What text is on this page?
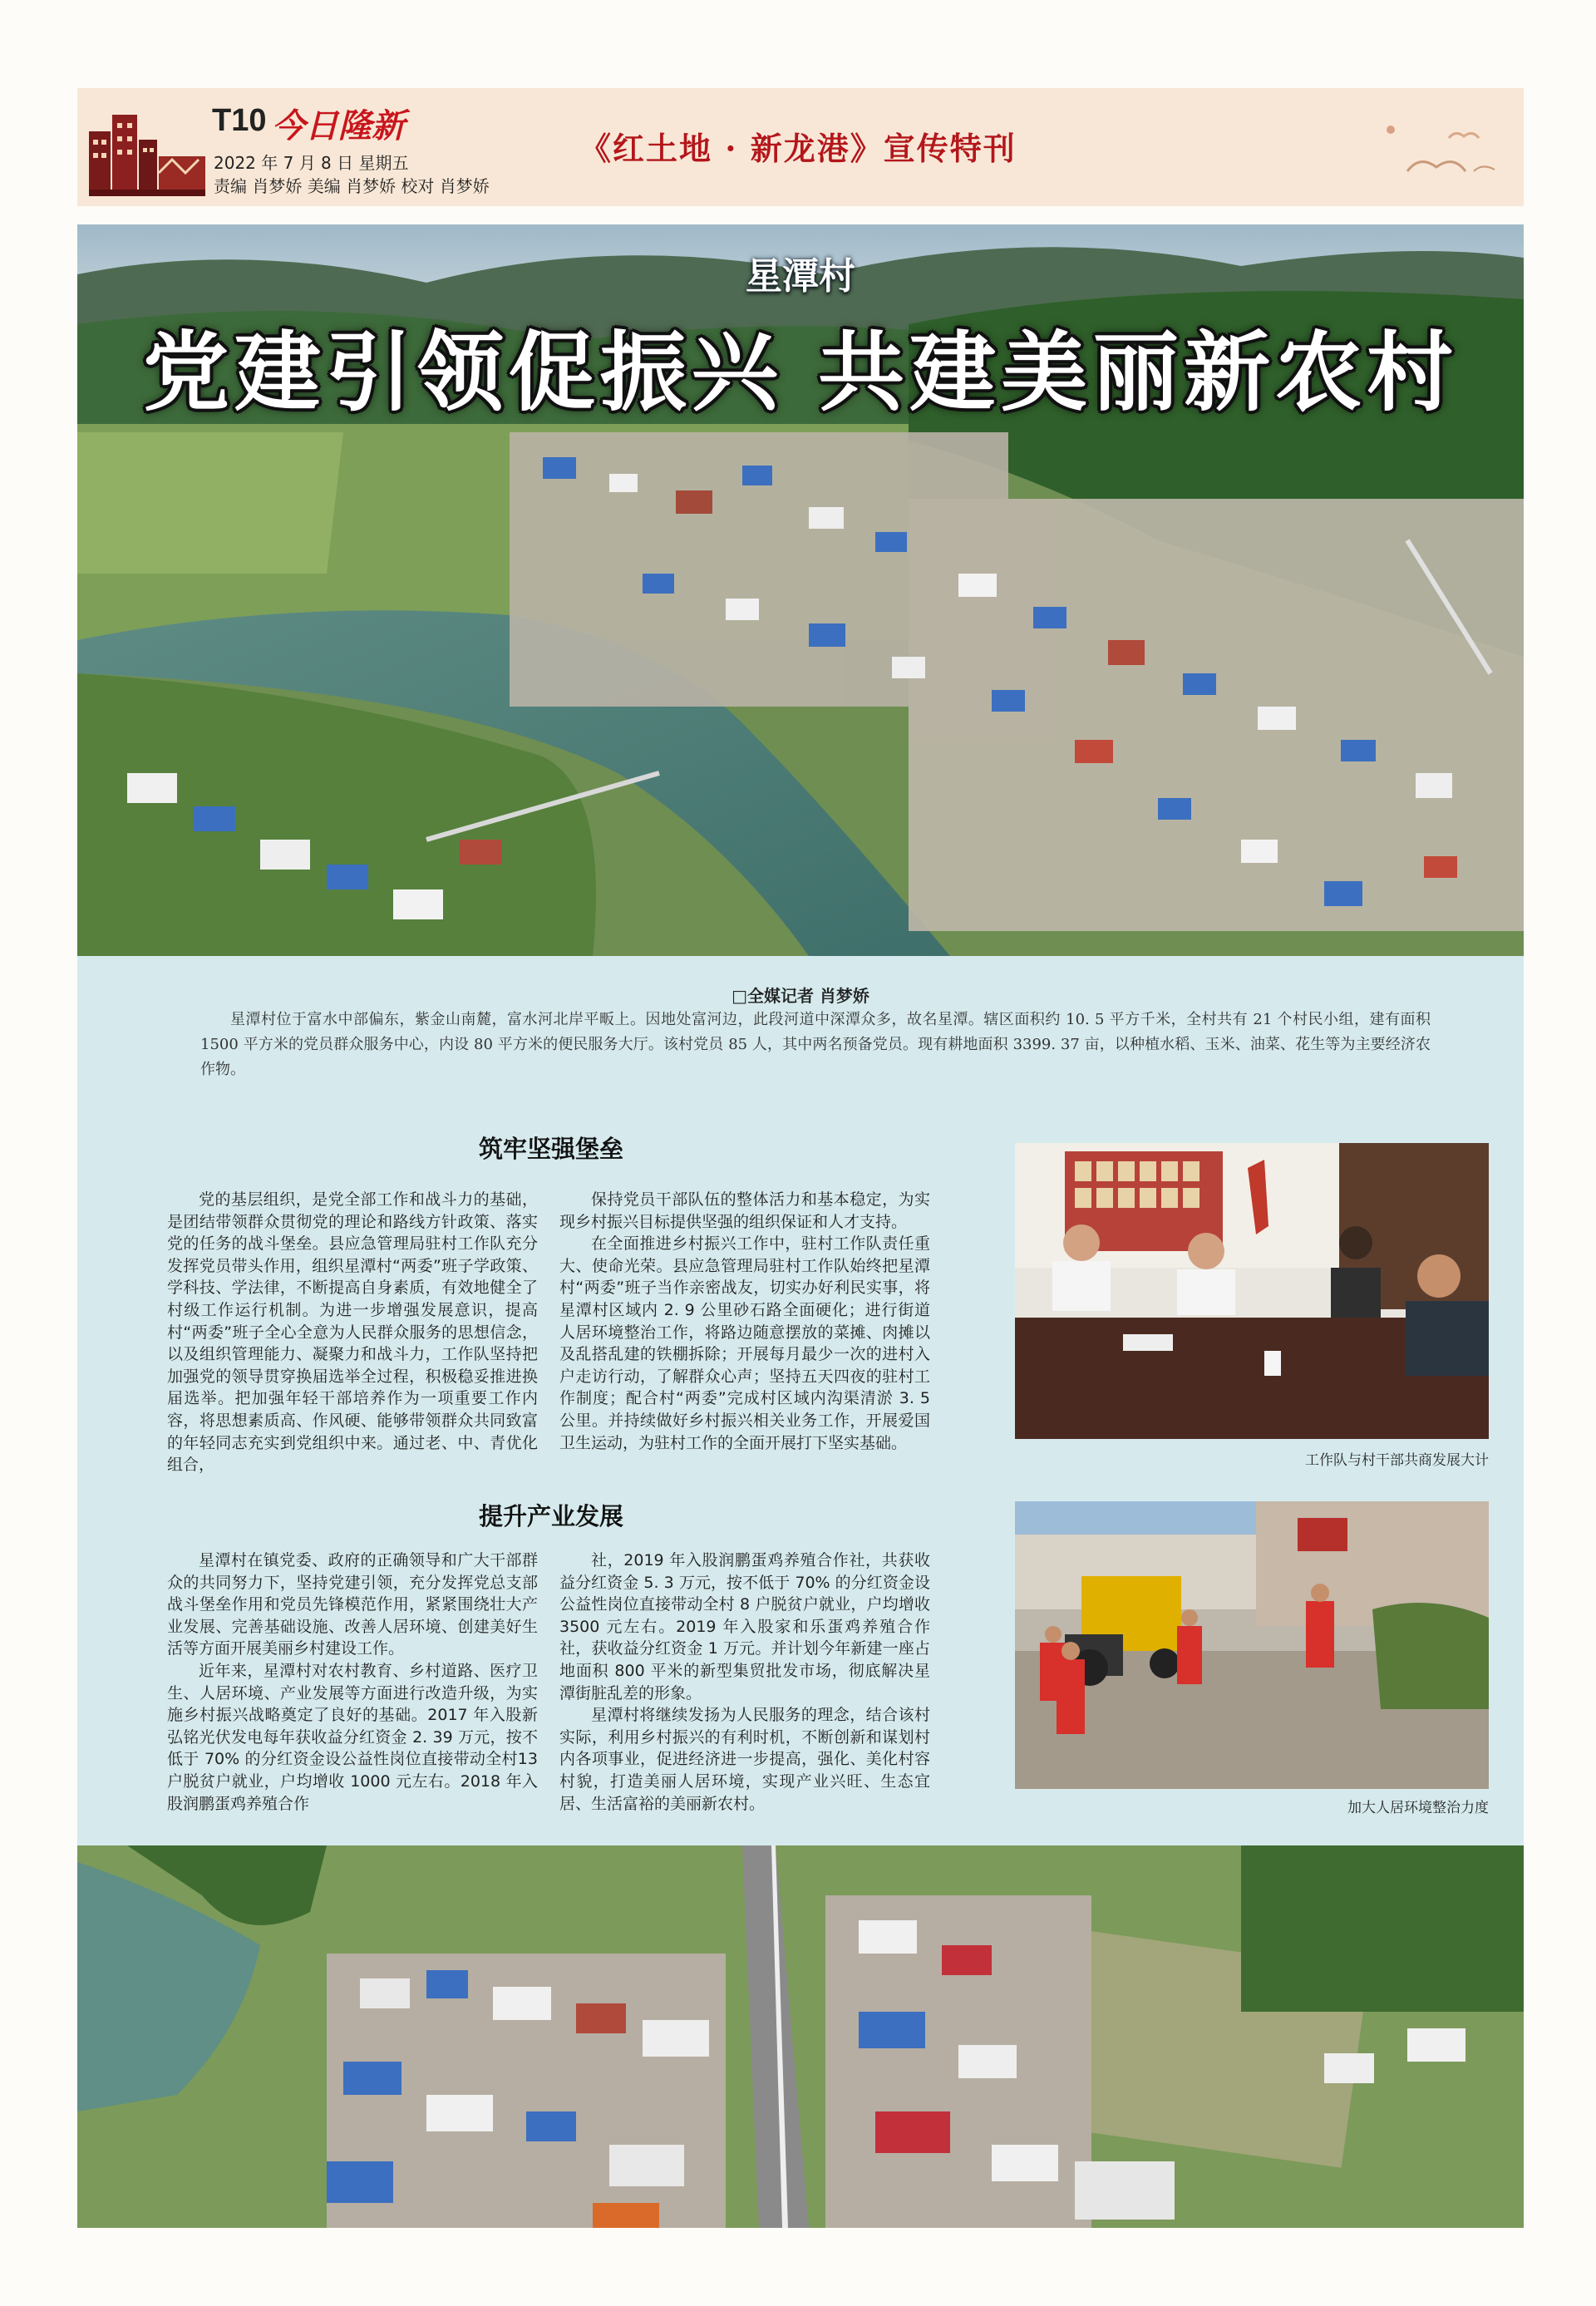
T10 今日隆新
2022 年 7 月 8 日 星期五
责编 肖梦娇 美编 肖梦娇 校对 肖梦娇
《红土地 · 新龙港》宣传特刊
星潭村
党建引领促振兴 共建美丽新农村
□全媒记者 肖梦娇
星潭村位于富水中部偏东，紫金山南麓，富水河北岸平畈上。因地处富河边，此段河道中深潭众多，故名星潭。辖区面积约 10. 5 平方千米，全村共有 21 个村民小组，建有面积 1500 平方米的党员群众服务中心，内设 80 平方米的便民服务大厅。该村党员 85 人，其中两名预备党员。现有耕地面积 3399. 37 亩，以种植水稻、玉米、油菜、花生等为主要经济农作物。
筑牢坚强堡垒

党的基层组织，是党全部工作和战斗力的基础，是团结带领群众贯彻党的理论和路线方针政策、落实党的任务的战斗堡垒。县应急管理局驻村工作队充分发挥党员带头作用，组织星潭村“两委”班子学政策、学科技、学法律，不断提高自身素质，有效地健全了村级工作运行机制。为进一步增强发展意识，提高村“两委”班子全心全意为人民群众服务的思想信念，以及组织管理能力、凝聚力和战斗力，工作队坚持把加强党的领导贯穿换届选举全过程，积极稳妥推进换届选举。把加强年轻干部培养作为一项重要工作内容，将思想素质高、作风硬、能够带领群众共同致富的年轻同志充实到党组织中来。通过老、中、青优化组合，

保持党员干部队伍的整体活力和基本稳定，为实现乡村振兴目标提供坚强的组织保证和人才支持。

在全面推进乡村振兴工作中，驻村工作队责任重大、使命光荣。县应急管理局驻村工作队始终把星潭村“两委”班子当作亲密战友，切实办好利民实事，将星潭村区域内 2. 9 公里砂石路全面硬化；进行街道人居环境整治工作，将路边随意摆放的菜摊、肉摊以及乱搭乱建的铁棚拆除；开展每月最少一次的进村入户走访行动，了解群众心声；坚持五天四夜的驻村工作制度；配合村“两委”完成村区域内沟渠清淤 3. 5 公里。并持续做好乡村振兴相关业务工作，开展爱国卫生运动，为驻村工作的全面开展打下坚实基础。

工作队与村干部共商发展大计
提升产业发展

星潭村在镇党委、政府的正确领导和广大干部群众的共同努力下，坚持党建引领，充分发挥党总支部战斗堡垒作用和党员先锋模范作用，紧紧围绕壮大产业发展、完善基础设施、改善人居环境、创建美好生活等方面开展美丽乡村建设工作。

近年来，星潭村对农村教育、乡村道路、医疗卫生、人居环境、产业发展等方面进行改造升级，为实施乡村振兴战略奠定了良好的基础。2017 年入股新弘铭光伏发电每年获收益分红资金 2. 39 万元，按不低于 70% 的分红资金设公益性岗位直接带动全村13户脱贫户就业，户均增收 1000 元左右。2018 年入股润鹏蛋鸡养殖合作

社，2019 年入股润鹏蛋鸡养殖合作社，共获收益分红资金 5. 3 万元，按不低于 70% 的分红资金设公益性岗位直接带动全村 8 户脱贫户就业，户均增收 3500 元左右。2019 年入股家和乐蛋鸡养殖合作社，获收益分红资金 1 万元。并计划今年新建一座占地面积 800 平米的新型集贸批发市场，彻底解决星潭街脏乱差的形象。

星潭村将继续发扬为人民服务的理念，结合该村实际，利用乡村振兴的有利时机，不断创新和谋划村内各项事业，促进经济进一步提高，强化、美化村容村貌，打造美丽人居环境，实现产业兴旺、生态宜居、生活富裕的美丽新农村。	加大人居环境整治力度
